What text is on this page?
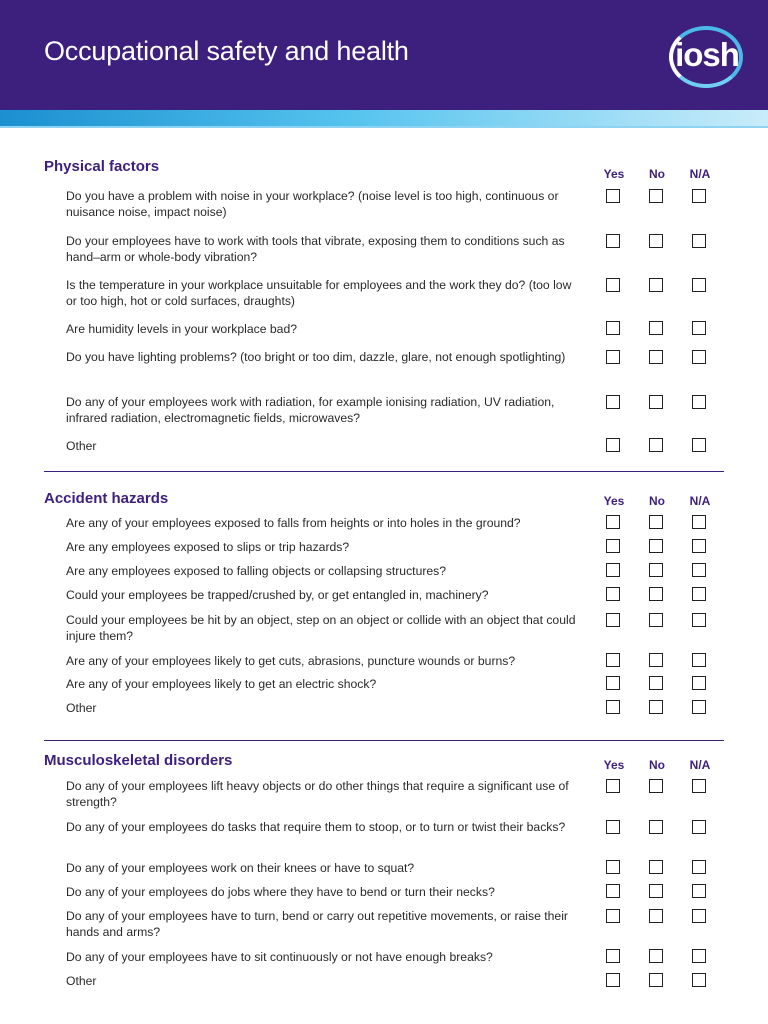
Occupational safety and health	iosh
Physical factors	Yes	No	N/A
Do you have a problem with noise in your workplace? (noise level is too high, continuous or nuisance noise, impact noise)
Do your employees have to work with tools that vibrate, exposing them to conditions such as hand–arm or whole-body vibration?
Is the temperature in your workplace unsuitable for employees and the work they do? (too low or too high, hot or cold surfaces, draughts)
Are humidity levels in your workplace bad?
Do you have lighting problems? (too bright or too dim, dazzle, glare, not enough spotlighting)
Do any of your employees work with radiation, for example ionising radiation, UV radiation, infrared radiation, electromagnetic fields, microwaves?
Other
Accident hazards	Yes	No	N/A
Are any of your employees exposed to falls from heights or into holes in the ground?
Are any employees exposed to slips or trip hazards?
Are any employees exposed to falling objects or collapsing structures?
Could your employees be trapped/crushed by, or get entangled in, machinery?
Could your employees be hit by an object, step on an object or collide with an object that could injure them?
Are any of your employees likely to get cuts, abrasions, puncture wounds or burns?
Are any of your employees likely to get an electric shock?
Other
Musculoskeletal disorders	Yes	No	N/A
Do any of your employees lift heavy objects or do other things that require a significant use of strength?
Do any of your employees do tasks that require them to stoop, or to turn or twist their backs?
Do any of your employees work on their knees or have to squat?
Do any of your employees do jobs where they have to bend or turn their necks?
Do any of your employees have to turn, bend or carry out repetitive movements, or raise their hands and arms?
Do any of your employees have to sit continuously or not have enough breaks?
Other
